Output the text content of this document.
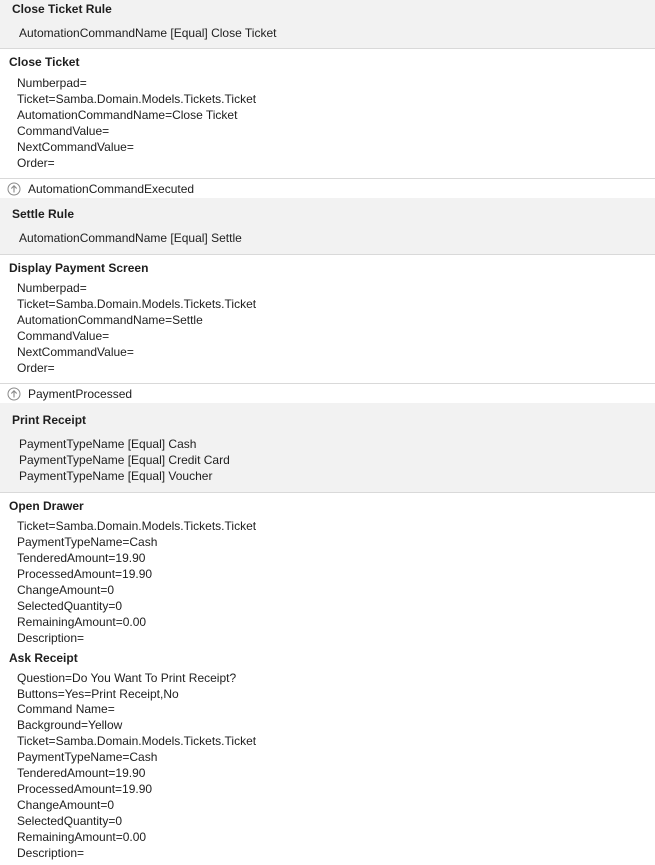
Close Ticket Rule
AutomationCommandName [Equal] Close Ticket
Close Ticket
Numberpad=
Ticket=Samba.Domain.Models.Tickets.Ticket
AutomationCommandName=Close Ticket
CommandValue=
NextCommandValue=
Order=
AutomationCommandExecuted
Settle Rule
AutomationCommandName [Equal] Settle
Display Payment Screen
Numberpad=
Ticket=Samba.Domain.Models.Tickets.Ticket
AutomationCommandName=Settle
CommandValue=
NextCommandValue=
Order=
PaymentProcessed
Print Receipt
PaymentTypeName [Equal] Cash
PaymentTypeName [Equal] Credit Card
PaymentTypeName [Equal] Voucher
Open Drawer
Ticket=Samba.Domain.Models.Tickets.Ticket
PaymentTypeName=Cash
TenderedAmount=19.90
ProcessedAmount=19.90
ChangeAmount=0
SelectedQuantity=0
RemainingAmount=0.00
Description=
Ask Receipt
Question=Do You Want To Print Receipt?
Buttons=Yes=Print Receipt,No
Command Name=
Background=Yellow
Ticket=Samba.Domain.Models.Tickets.Ticket
PaymentTypeName=Cash
TenderedAmount=19.90
ProcessedAmount=19.90
ChangeAmount=0
SelectedQuantity=0
RemainingAmount=0.00
Description=
